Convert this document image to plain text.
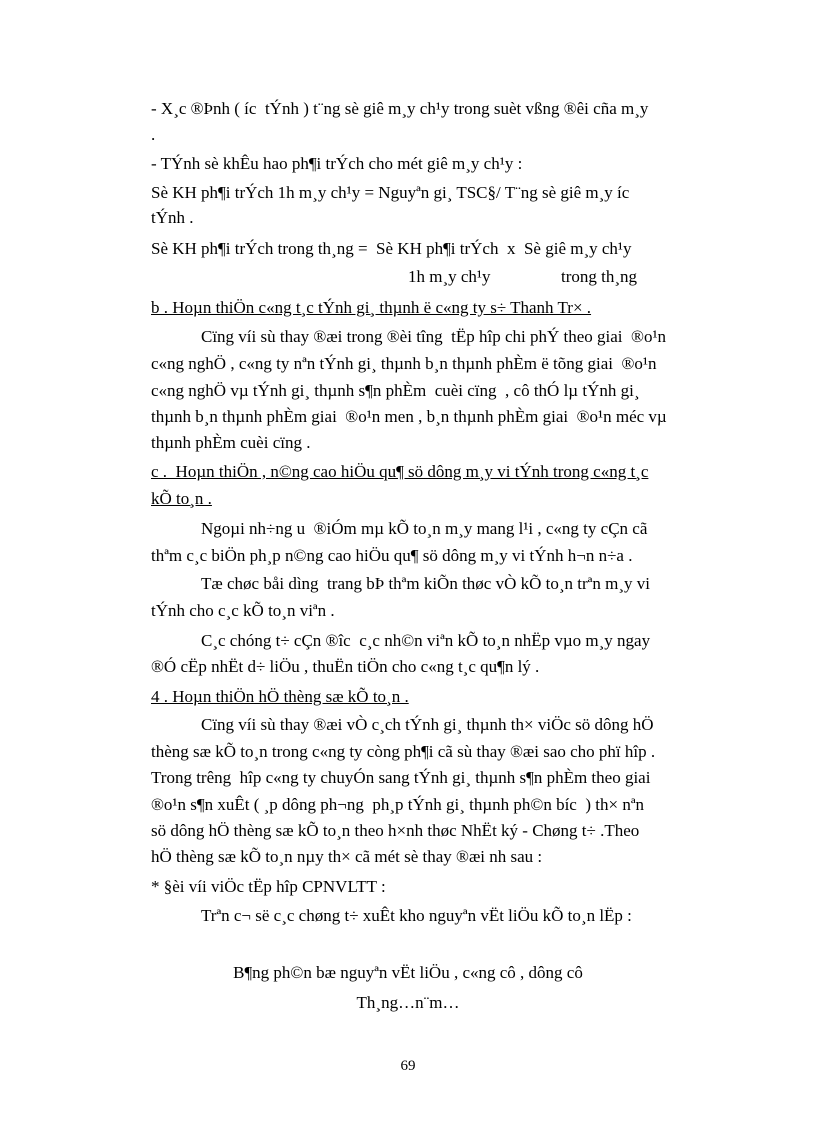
- X¸c ®Þnh ( íc  tÝnh ) t¨ng sè giê m¸y ch¹y trong suèt vßng ®êi cña m¸y
.
- TÝnh sè khÊu hao ph¶i trÝch cho mét giê m¸y ch¹y :
Sè KH ph¶i trÝch 1h m¸y ch¹y = Nguyªn gi¸ TSC§/ T¨ng sè giê m¸y íc
tÝnh .
Sè KH ph¶i trÝch trong th¸ng =  Sè KH ph¶i trÝch  x  Sè giê m¸y ch¹y
1h m¸y ch¹y	trong th¸ng
b . Hoµn thiÖn c«ng t¸c tÝnh gi¸ thµnh ë c«ng ty s÷ Thanh Tr× .
Cïng víi sù thay ®æi trong ®èi tîng  tËp hîp chi phÝ theo giai  ®o¹n
c«ng nghÖ , c«ng ty nªn tÝnh gi¸ thµnh b¸n thµnh phÈm ë tõng giai  ®o¹n
c«ng nghÖ vµ tÝnh gi¸ thµnh s¶n phÈm  cuèi cïng  , cô thÓ lµ tÝnh gi¸
thµnh b¸n thµnh phÈm giai  ®o¹n men , b¸n thµnh phÈm giai  ®o¹n méc vµ
thµnh phÈm cuèi cïng .
c .  Hoµn thiÖn , n©ng cao hiÖu qu¶ sö dông m¸y vi tÝnh trong c«ng t¸c
kÕ to¸n .
Ngoµi nh÷ng u  ®iÓm mµ kÕ to¸n m¸y mang l¹i , c«ng ty cÇn cã
thªm c¸c biÖn ph¸p n©ng cao hiÖu qu¶ sö dông m¸y vi tÝnh h¬n n÷a .
Tæ chøc båi dìng  trang bÞ thªm kiÕn thøc vÒ kÕ to¸n trªn m¸y vi
tÝnh cho c¸c kÕ to¸n viªn .
C¸c chóng t÷ cÇn ®îc  c¸c nh©n viªn kÕ to¸n nhËp vµo m¸y ngay
®Ó cËp nhËt d÷ liÖu , thuËn tiÖn cho c«ng t¸c qu¶n lý .
4 . Hoµn thiÖn hÖ thèng sæ kÕ to¸n .
Cïng víi sù thay ®æi vÒ c¸ch tÝnh gi¸ thµnh th× viÖc sö dông hÖ
thèng sæ kÕ to¸n trong c«ng ty còng ph¶i cã sù thay ®æi sao cho phï hîp .
Trong trêng  hîp c«ng ty chuyÓn sang tÝnh gi¸ thµnh s¶n phÈm theo giai
®o¹n s¶n xuÊt ( ¸p dông ph¬ng  ph¸p tÝnh gi¸ thµnh ph©n bíc  ) th× nªn
sö dông hÖ thèng sæ kÕ to¸n theo h×nh thøc NhËt ký - Chøng t÷ .Theo
hÖ thèng sæ kÕ to¸n nµy th× cã mét sè thay ®æi nh sau :
* §èi víi viÖc tËp hîp CPNVLTT :
Trªn c¬ së c¸c chøng t÷ xuÊt kho nguyªn vËt liÖu kÕ to¸n lËp :
B¶ng ph©n bæ nguyªn vËt liÖu , c«ng cô , dông cô
Th¸ng…n¨m…
69
